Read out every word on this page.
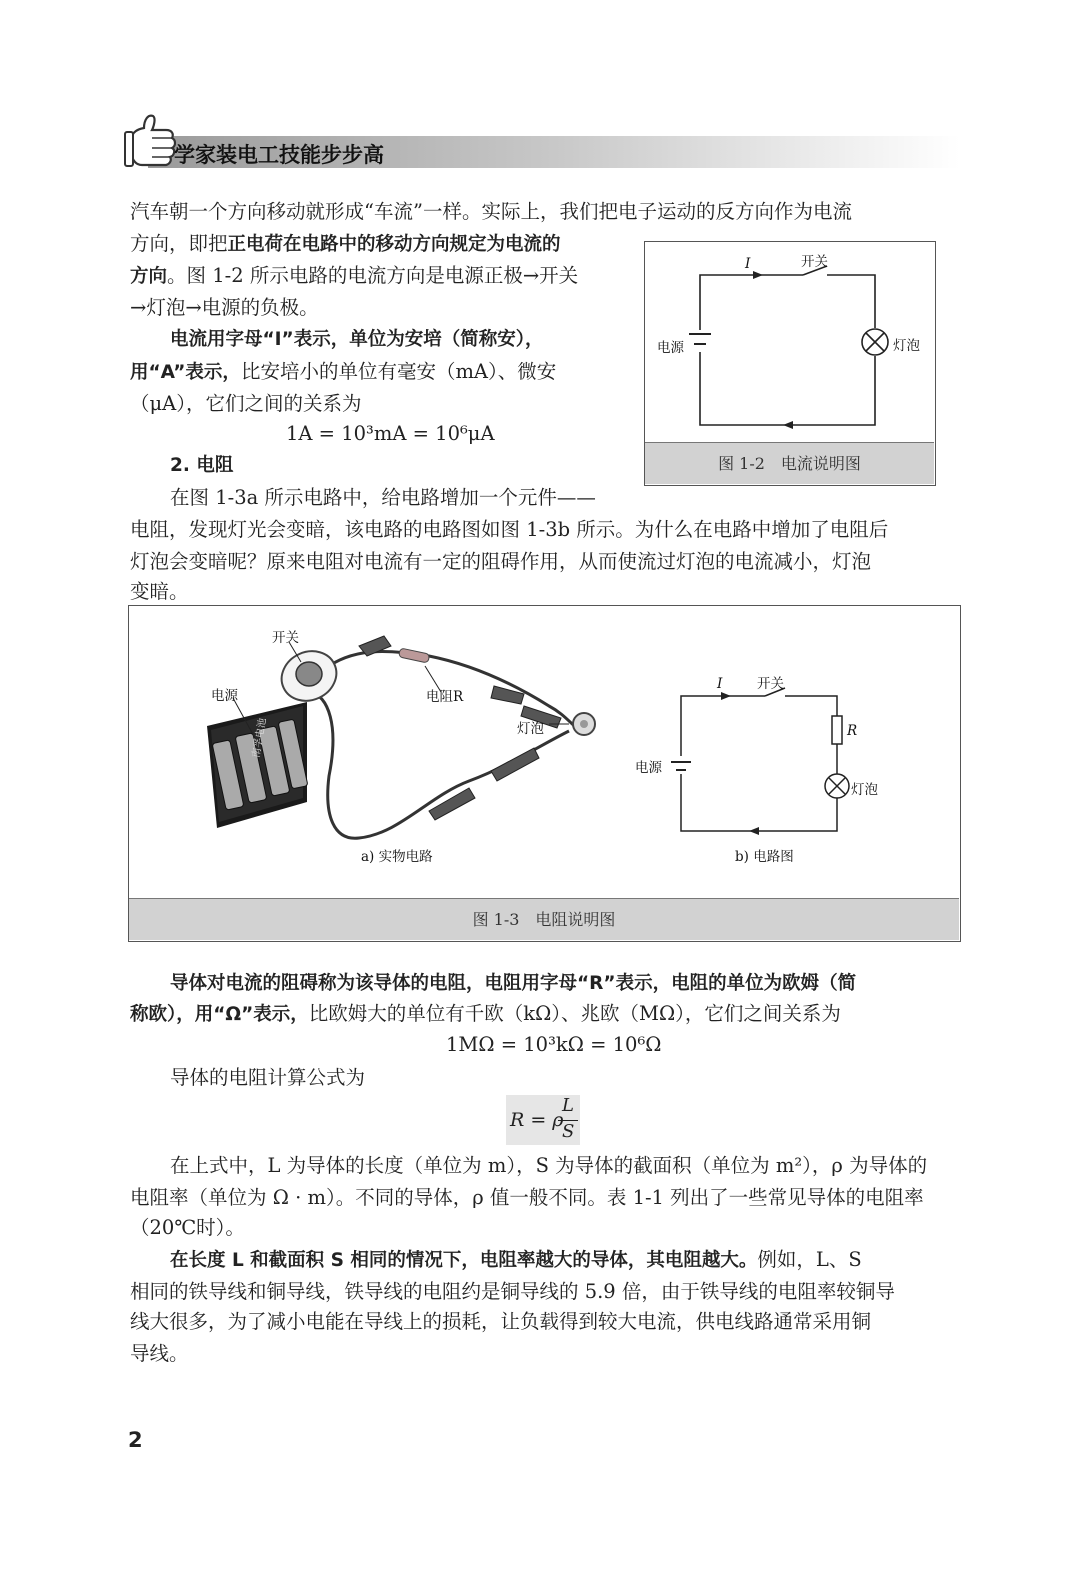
学家装电工技能步步高
汽车朝一个方向移动就形成“车流”一样。实际上，我们把电子运动的反方向作为电流
方向，即把正电荷在电路中的移动方向规定为电流的
方向。图 1-2 所示电路的电流方向是电源正极→开关
→灯泡→电源的负极。
电流用字母“I”表示，单位为安培（简称安），
用“A”表示，比安培小的单位有毫安（mA）、微安
（μA），它们之间的关系为
1A = 10³mA = 10⁶μA
2. 电阻
在图 1-3a 所示电路中，给电路增加一个元件——
I	开关
电源	灯泡
图 1-2　电流说明图
电阻，发现灯光会变暗，该电路的电路图如图 1-3b 所示。为什么在电路中增加了电阻后
灯泡会变暗呢？原来电阻对电流有一定的阻碍作用，从而使流过灯泡的电流减小，灯泡
变暗。
开关
电源	电阻R
灯泡
南孚电池
a) 实物电路
I	开关
R
电源
灯泡
b) 电路图
图 1-3　电阻说明图
导体对电流的阻碍称为该导体的电阻，电阻用字母“R”表示，电阻的单位为欧姆（简
称欧），用“Ω”表示，比欧姆大的单位有千欧（kΩ）、兆欧（MΩ），它们之间关系为
1MΩ = 10³kΩ = 10⁶Ω
导体的电阻计算公式为
R = ρ
L
S
在上式中，L 为导体的长度（单位为 m），S 为导体的截面积（单位为 m²），ρ 为导体的
电阻率（单位为 Ω · m）。不同的导体，ρ 值一般不同。表 1-1 列出了一些常见导体的电阻率
（20℃时）。
在长度 L 和截面积 S 相同的情况下，电阻率越大的导体，其电阻越大。例如，L、S
相同的铁导线和铜导线，铁导线的电阻约是铜导线的 5.9 倍，由于铁导线的电阻率较铜导
线大很多，为了减小电能在导线上的损耗，让负载得到较大电流，供电线路通常采用铜
导线。
2
